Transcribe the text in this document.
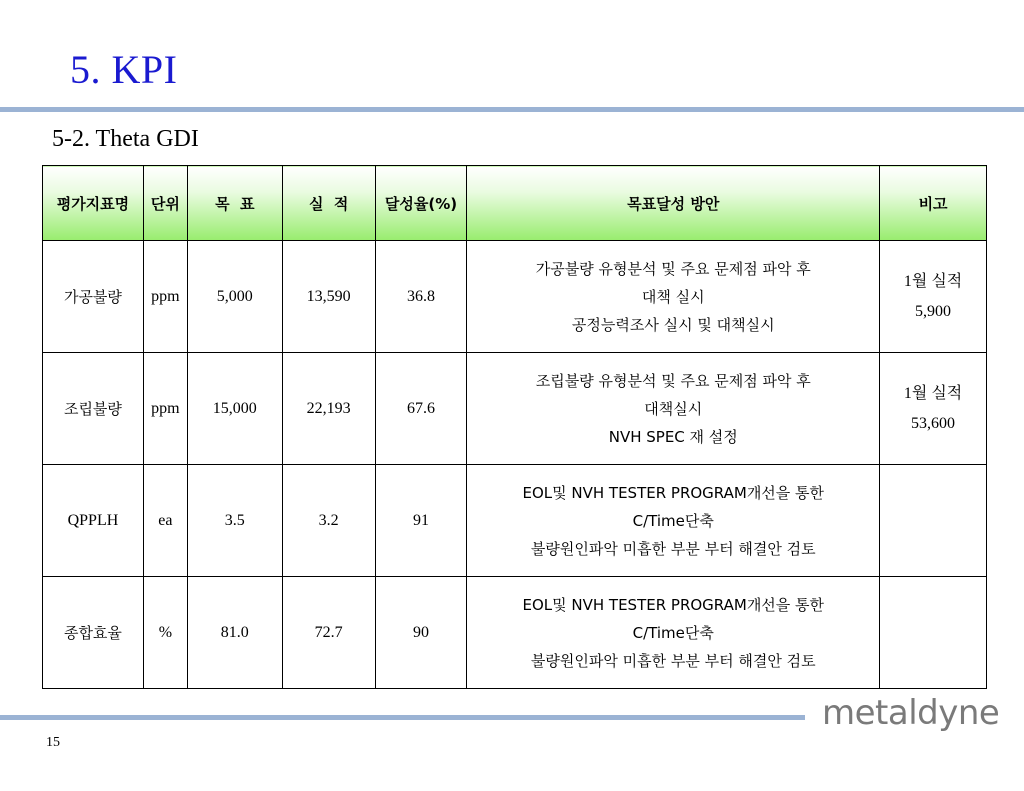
5. KPI
5-2. Theta GDI
평가지표명	단위	목  표	실  적	달성율(%)	목표달성 방안	비고
가공불량	ppm	5,000	13,590	36.8	가공불량 유형분석 및 주요 문제점 파악 후
대책 실시
공정능력조사 실시 및 대책실시	1월 실적
5,900

조립불량	ppm	15,000	22,193	67.6	조립불량 유형분석 및 주요 문제점 파악 후
대책실시
NVH SPEC 재 설정	1월 실적
53,600

QPPLH	ea	3.5	3.2	91	EOL및 NVH TESTER PROGRAM개선을 통한
C/Time단축
불량원인파악 미흡한 부분 부터 해결안 검토	

종합효율	%	81.0	72.7	90	EOL및 NVH TESTER PROGRAM개선을 통한
C/Time단축
불량원인파악 미흡한 부분 부터 해결안 검토	

metaldyne
15
